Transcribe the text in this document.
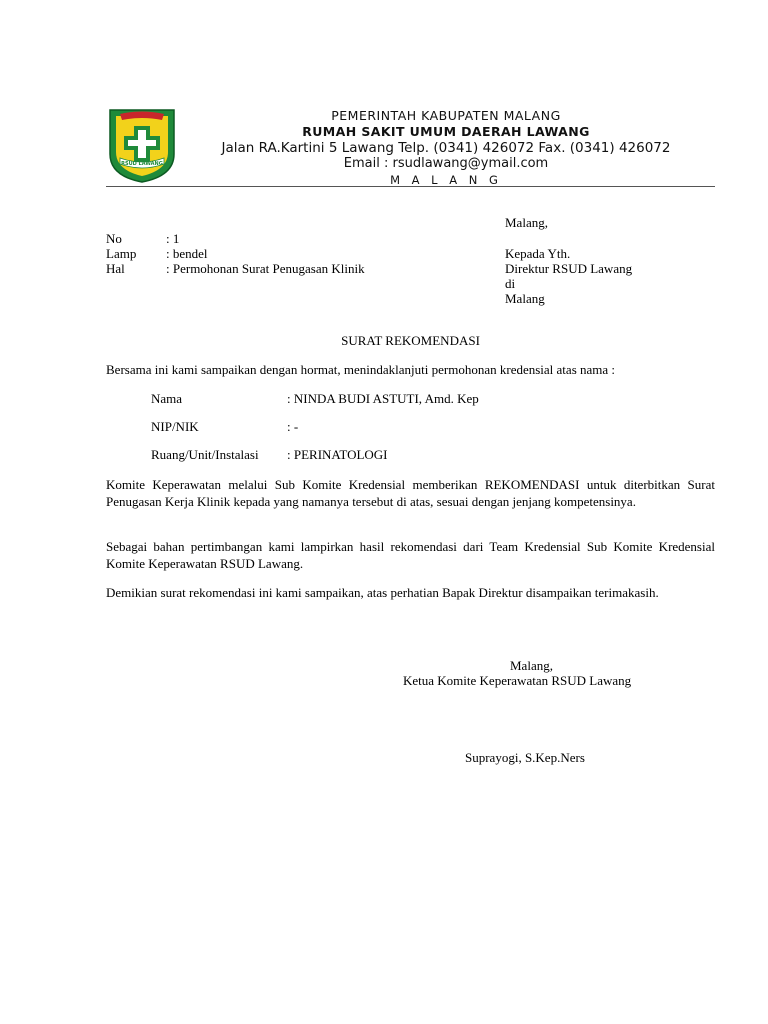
RSUD LAWANG
PEMERINTAH KABUPATEN MALANG
RUMAH SAKIT UMUM DAERAH LAWANG
Jalan RA.Kartini 5 Lawang Telp. (0341) 426072 Fax. (0341) 426072
Email : rsudlawang@ymail.com
M A L A N G
Malang,
No	: 1
Lamp : bendel
Hal	: Permohonan Surat Penugasan Klinik
Kepada Yth.
Direktur RSUD Lawang
di
Malang
SURAT REKOMENDASI
Bersama ini kami sampaikan dengan hormat, menindaklanjuti permohonan kredensial atas nama :
Nama	: NINDA BUDI ASTUTI, Amd. Kep
NIP/NIK	: -
Ruang/Unit/Instalasi : PERINATOLOGI
Komite Keperawatan melalui Sub Komite Kredensial memberikan REKOMENDASI untuk diterbitkan Surat Penugasan Kerja Klinik kepada yang namanya tersebut di atas, sesuai dengan jenjang kompetensinya.
Sebagai bahan pertimbangan kami lampirkan hasil rekomendasi dari Team Kredensial Sub Komite Kredensial Komite Keperawatan RSUD Lawang.
Demikian surat rekomendasi ini kami sampaikan, atas perhatian Bapak Direktur disampaikan terimakasih.
Malang,
Ketua Komite Keperawatan RSUD Lawang
Suprayogi, S.Kep.Ners
